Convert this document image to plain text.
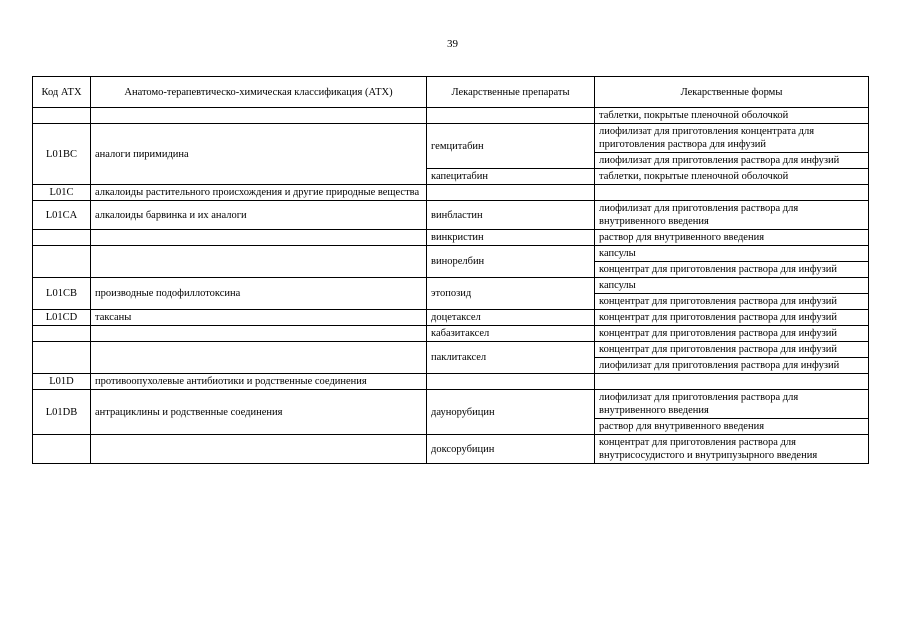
39
Код АТХ	Анатомо-терапевтическо-химическая классификация (АТХ)	Лекарственные препараты	Лекарственные формы
			таблетки, покрытые пленочной оболочкой
L01BC	аналоги пиримидина	гемцитабин	лиофилизат для приготовления концентрата для приготовления раствора для инфузий
			лиофилизат для приготовления раствора для инфузий
		капецитабин	таблетки, покрытые пленочной оболочкой
L01C	алкалоиды растительного происхождения и другие природные вещества		
L01CA	алкалоиды барвинка и их аналоги	винбластин	лиофилизат для приготовления раствора для внутривенного введения
		винкристин	раствор для внутривенного введения
		винорелбин	капсулы
			концентрат для приготовления раствора для инфузий
L01CB	производные подофиллотоксина	этопозид	капсулы
			концентрат для приготовления раствора для инфузий
L01CD	таксаны	доцетаксел	концентрат для приготовления раствора для инфузий
		кабазитаксел	концентрат для приготовления раствора для инфузий
		паклитаксел	концентрат для приготовления раствора для инфузий
			лиофилизат для приготовления раствора для инфузий
L01D	противоопухолевые антибиотики и родственные соединения		
L01DB	антрациклины и родственные соединения	даунорубицин	лиофилизат для приготовления раствора для внутривенного введения
			раствор для внутривенного введения
		доксорубицин	концентрат для приготовления раствора для внутрисосудистого и внутрипузырного введения
